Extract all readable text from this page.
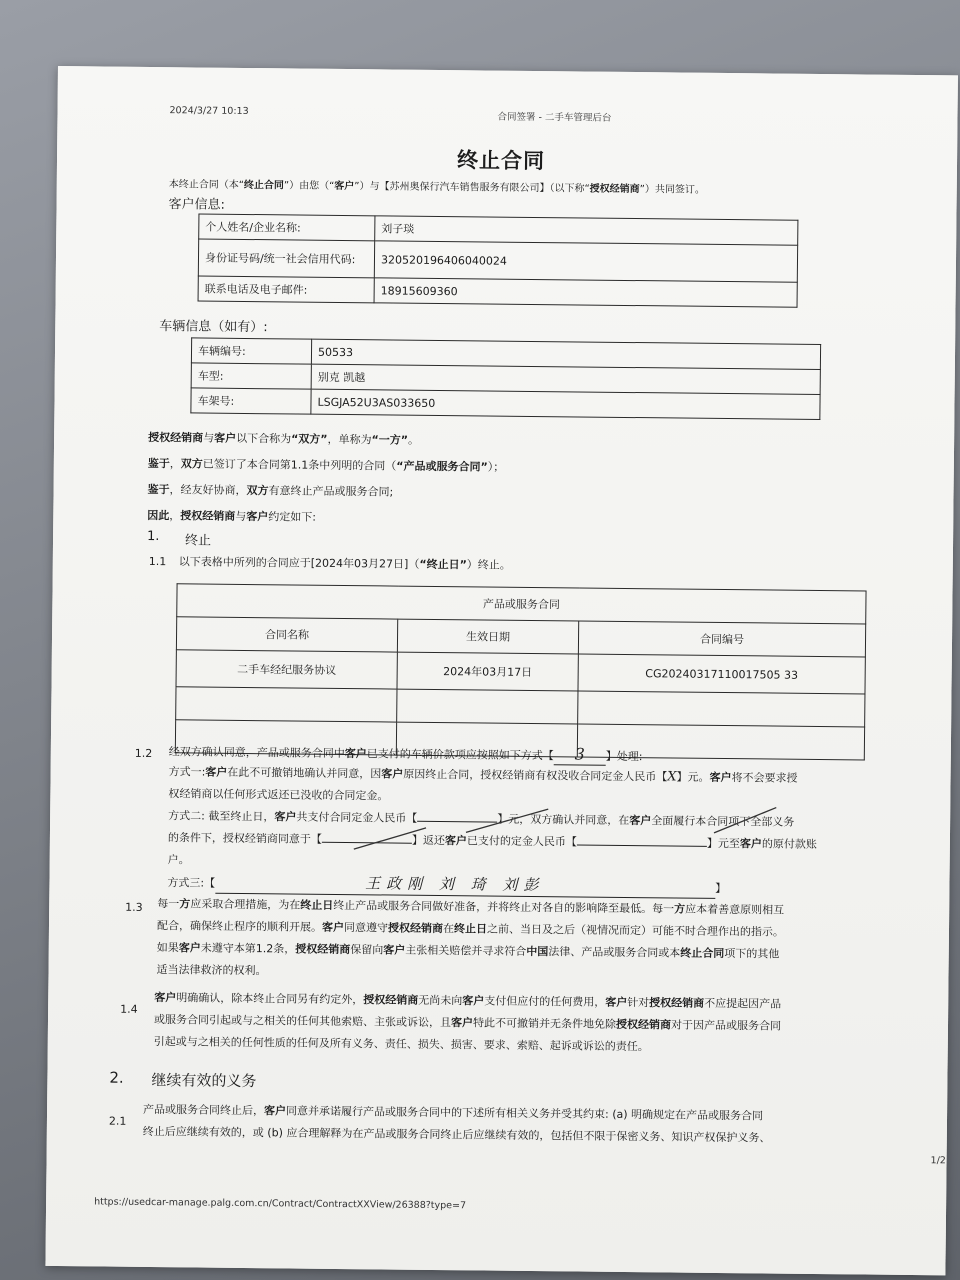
2024/3/27 10:13
合同签署 - 二手车管理后台
终止合同
本终止合同（本“终止合同”）由您（“客户”）与【苏州奥保行汽车销售服务有限公司】（以下称“授权经销商”）共同签订。
客户信息:
个人姓名/企业名称:	刘子琰
身份证号码/统一社会信用代码:	320520196406040024
联系电话及电子邮件:	18915609360
车辆信息（如有）:
车辆编号:	50533
车型:	别克 凯越
车架号:	LSGJA52U3AS033650
授权经销商与客户以下合称为“双方”，单称为“一方”。
鉴于，双方已签订了本合同第1.1条中列明的合同（“产品或服务合同”）；
鉴于，经友好协商，双方有意终止产品或服务合同;
因此，授权经销商与客户约定如下:
1. 终止
1.1 以下表格中所列的合同应于[2024年03月27日]（“终止日”）终止。
产品或服务合同		
合同名称	生效日期	合同编号
二手车经纪服务协议	2024年03月17日	CG20240317110017505 33

1.2 经双方确认同意，产品或服务合同中客户已支付的车辆价款项应按照如下方式【 3 】处理:
方式一:客户在此不可撤销地确认并同意，因客户原因终止合同，授权经销商有权没收合同定金人民币【X】元。客户将不会要求授
权经销商以任何形式返还已没收的合同定金。
方式二: 截至终止日，客户共支付合同定金人民币【	】元，双方确认并同意，在客户全面履行本合同项下全部义务
的条件下，授权经销商同意于【	】返还客户已支付的定金人民币【	】元至客户的原付款账
户。
方式三:【	王政刚 刘 琦 刘彭	】
1.3 每一方应采取合理措施，为在终止日终止产品或服务合同做好准备，并将终止对各自的影响降至最低。每一方应本着善意原则相互
配合，确保终止程序的顺利开展。客户同意遵守授权经销商在终止日之前、当日及之后（视情况而定）可能不时合理作出的指示。
如果客户未遵守本第1.2条，授权经销商保留向客户主张相关赔偿并寻求符合中国法律、产品或服务合同或本终止合同项下的其他
适当法律救济的权利。
1.4
客户明确确认，除本终止合同另有约定外，授权经销商无尚未向客户支付但应付的任何费用，客户针对授权经销商不应提起因产品
或服务合同引起或与之相关的任何其他索赔、主张或诉讼，且客户特此不可撤销并无条件地免除授权经销商对于因产品或服务合同
引起或与之相关的任何性质的任何及所有义务、责任、损失、损害、要求、索赔、起诉或诉讼的责任。
2. 继续有效的义务
2.1
产品或服务合同终止后，客户同意并承诺履行产品或服务合同中的下述所有相关义务并受其约束: (a) 明确规定在产品或服务合同
终止后应继续有效的，或 (b) 应合理解释为在产品或服务合同终止后应继续有效的，包括但不限于保密义务、知识产权保护义务、
https://usedcar-manage.palg.com.cn/Contract/ContractXXView/26388?type=7
1/2
